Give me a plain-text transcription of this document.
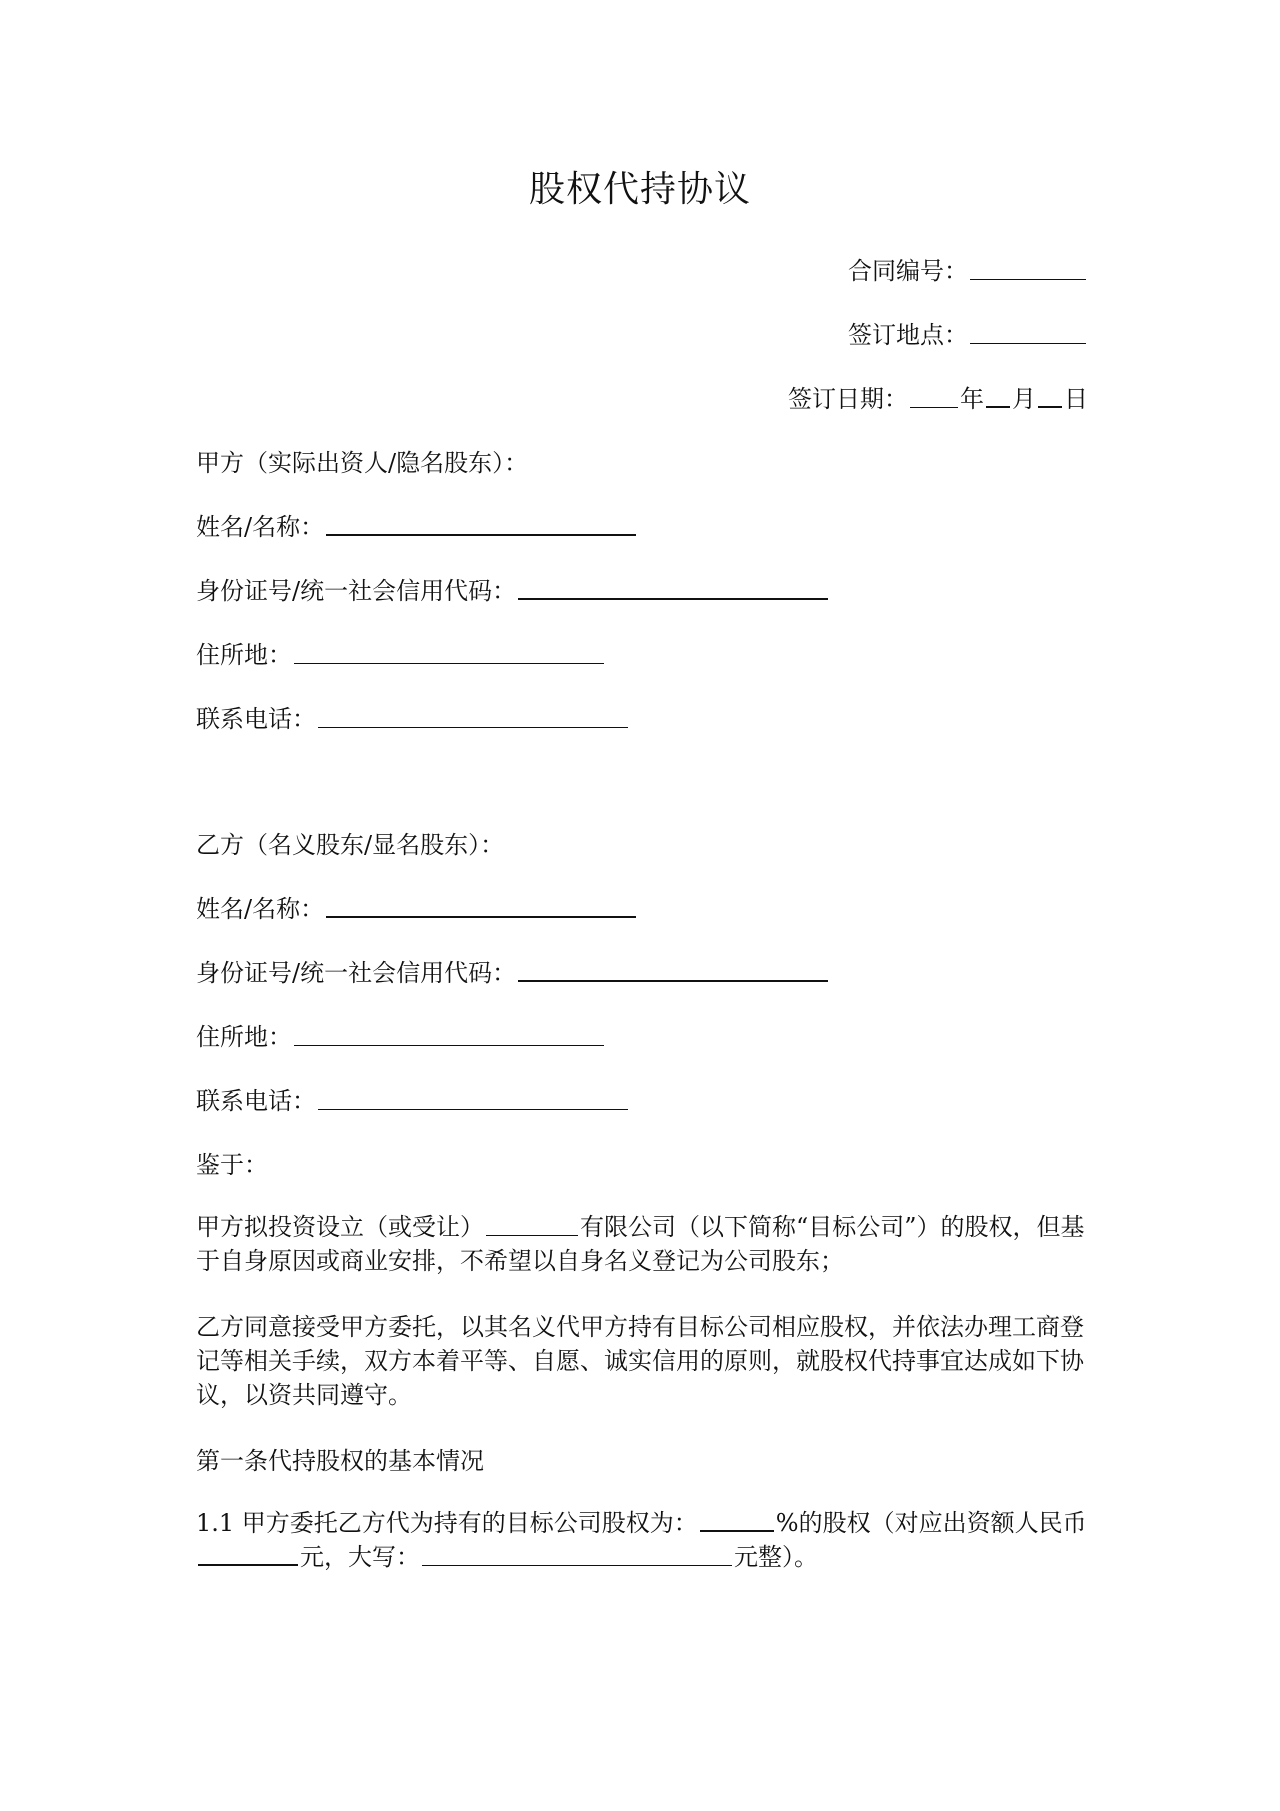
股权代持协议
合同编号：
签订地点：
签订日期： 年 月 日
甲方（实际出资人/隐名股东）：
姓名/名称：
身份证号/统一社会信用代码：
住所地：
联系电话：
乙方（名义股东/显名股东）：
姓名/名称：
身份证号/统一社会信用代码：
住所地：
联系电话：
鉴于：
甲方拟投资设立（或受让）	有限公司（以下简称“目标公司”）的股权，但基于自身原因或商业安排，不希望以自身名义登记为公司股东；
乙方同意接受甲方委托，以其名义代甲方持有目标公司相应股权，并依法办理工商登记等相关手续，双方本着平等、自愿、诚实信用的原则，就股权代持事宜达成如下协议，以资共同遵守。
第一条代持股权的基本情况
1.1 甲方委托乙方代为持有的目标公司股权为：	%的股权（对应出资额人民币元，大写：	元整）。
